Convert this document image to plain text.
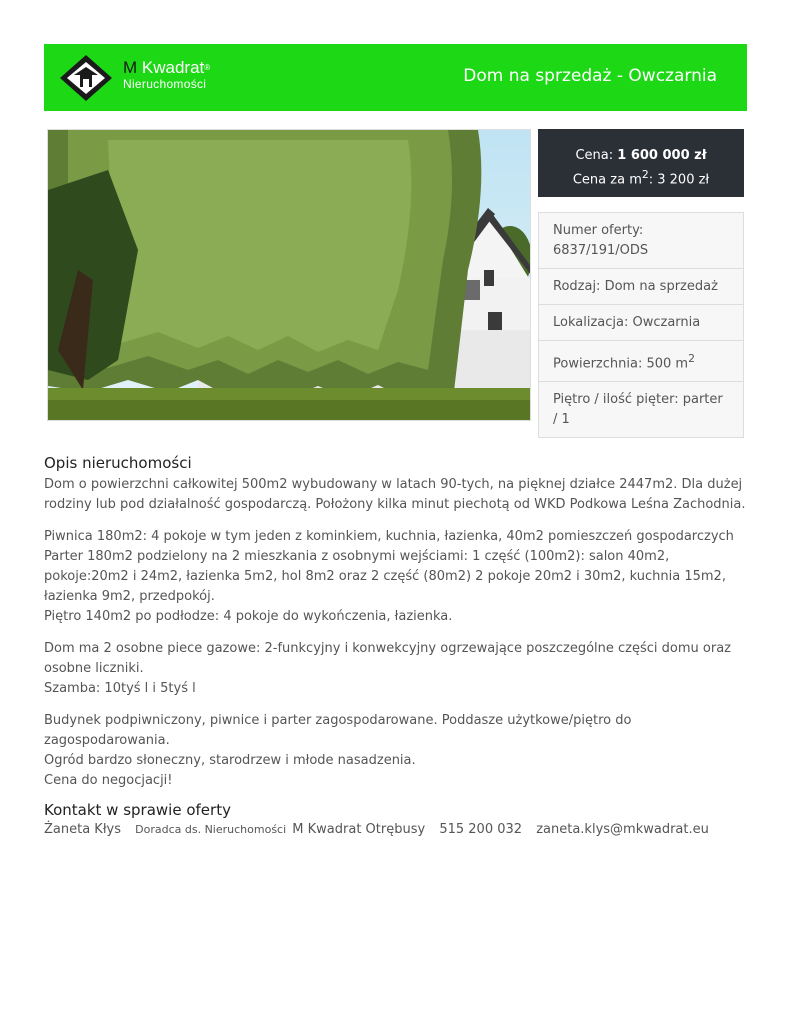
M Kwadrat®
Nieruchomości	Dom na sprzedaż - Owczarnia
Cena: 1 600 000 zł
Cena za $m^2$: 3 200 zł
Numer oferty: 6837/191/ODS
Rodzaj: Dom na sprzedaż
Lokalizacja: Owczarnia
Powierzchnia: 500 $m^2$
Piętro / ilość pięter: parter / 1
Opis nieruchomości

Dom o powierzchni całkowitej 500m2 wybudowany w latach 90-tych, na pięknej działce 2447m2. Dla dużej rodziny lub pod działalność gospodarczą. Położony kilka minut piechotą od WKD Podkowa Leśna Zachodnia.

Piwnica 180m2: 4 pokoje w tym jeden z kominkiem, kuchnia, łazienka, 40m2 pomieszczeń gospodarczych
Parter 180m2 podzielony na 2 mieszkania z osobnymi wejściami: 1 część (100m2): salon 40m2, pokoje:20m2 i 24m2, łazienka 5m2, hol 8m2 oraz 2 część (80m2) 2 pokoje 20m2 i 30m2, kuchnia 15m2, łazienka 9m2, przedpokój.
Piętro 140m2 po podłodze: 4 pokoje do wykończenia, łazienka.

Dom ma 2 osobne piece gazowe: 2-funkcyjny i konwekcyjny ogrzewające poszczególne części domu oraz osobne liczniki.
Szamba: 10tyś l i 5tyś l

Budynek podpiwniczony, piwnice i parter zagospodarowane. Poddasze użytkowe/piętro do zagospodarowania.
Ogród bardzo słoneczny, starodrzew i młode nasadzenia.
Cena do negocjacji!

Kontakt w sprawie oferty
Żaneta Kłys Doradca ds. Nieruchomości M Kwadrat Otrębusy 515 200 032 zaneta.klys@mkwadrat.eu
